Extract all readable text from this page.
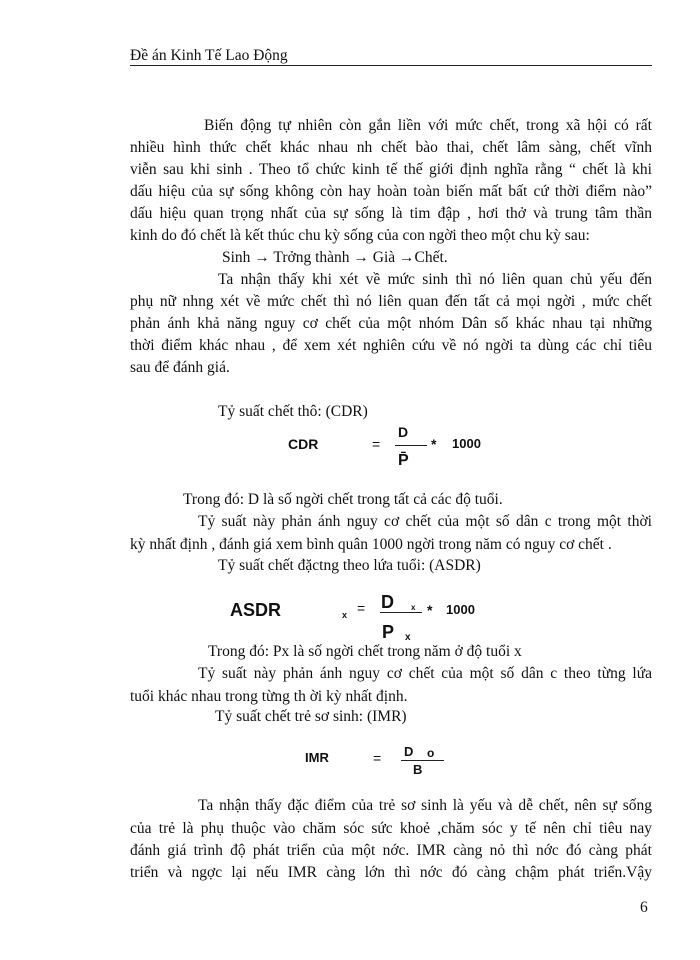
Đề án Kinh Tế Lao Động
Biến động tự nhiên còn gắn liền với mức chết, trong xã hội có rất
nhiều hình thức chết khác nhau nh chết bào thai, chết lâm sàng, chết vĩnh
viễn sau khi sinh . Theo tổ chức kinh tế thế giới định nghĩa rằng “ chết là khi
dấu hiệu của sự sống không còn hay hoàn toàn biến mất bất cứ thời điểm nào”
dấu hiệu quan trọng nhất của sự sống là tim đập , hơi thở và trung tâm thần
kinh do đó chết là kết thúc chu kỳ sống của con ngời theo một chu kỳ sau:
Sinh → Trởng thành → Già →Chết.
Ta nhận thấy khi xét về mức sinh thì nó liên quan chủ yếu đến
phụ nữ nhng xét về mức chết thì nó liên quan đến tất cả mọi ngời , mức chết
phản ánh khả năng nguy cơ chết của một nhóm Dân số khác nhau tại những
thời điểm khác nhau , để xem xét nghiên cứu về nó ngời ta dùng các chỉ tiêu
sau để đánh giá.
Tỷ suất chết thô: (CDR)
CDR	=
D
P̄
* 1000
Trong đó: D là số ngời chết trong tất cả các độ tuổi.
Tỷ suất này phản ánh nguy cơ chết của một số dân c trong một thời
kỳ nhất định , đánh giá xem bình quân 1000 ngời trong năm có nguy cơ chết .
Tỷ suất chết đặctng theo lứa tuổi: (ASDR)
ASDR	x = D x
P x
* 1000
Trong đó: Px là số ngời chết trong năm ở độ tuổi x
Tỷ suất này phản ánh nguy cơ chết của một số dân c theo từng lứa
tuổi khác nhau trong từng th ời kỳ nhất định.
Tỷ suất chết trẻ sơ sinh: (IMR)
IMR	= D o
B
Ta nhận thấy đặc điểm của trẻ sơ sinh là yếu và dễ chết, nên sự sống
của trẻ là phụ thuộc vào chăm sóc sức khoẻ ,chăm sóc y tế nên chỉ tiêu nay
đánh giá trình độ phát triển của một nớc. IMR càng nỏ thì nớc đó càng phát
triển và ngợc lại nếu IMR càng lớn thì nớc đó càng chậm phát triển.Vậy
6
